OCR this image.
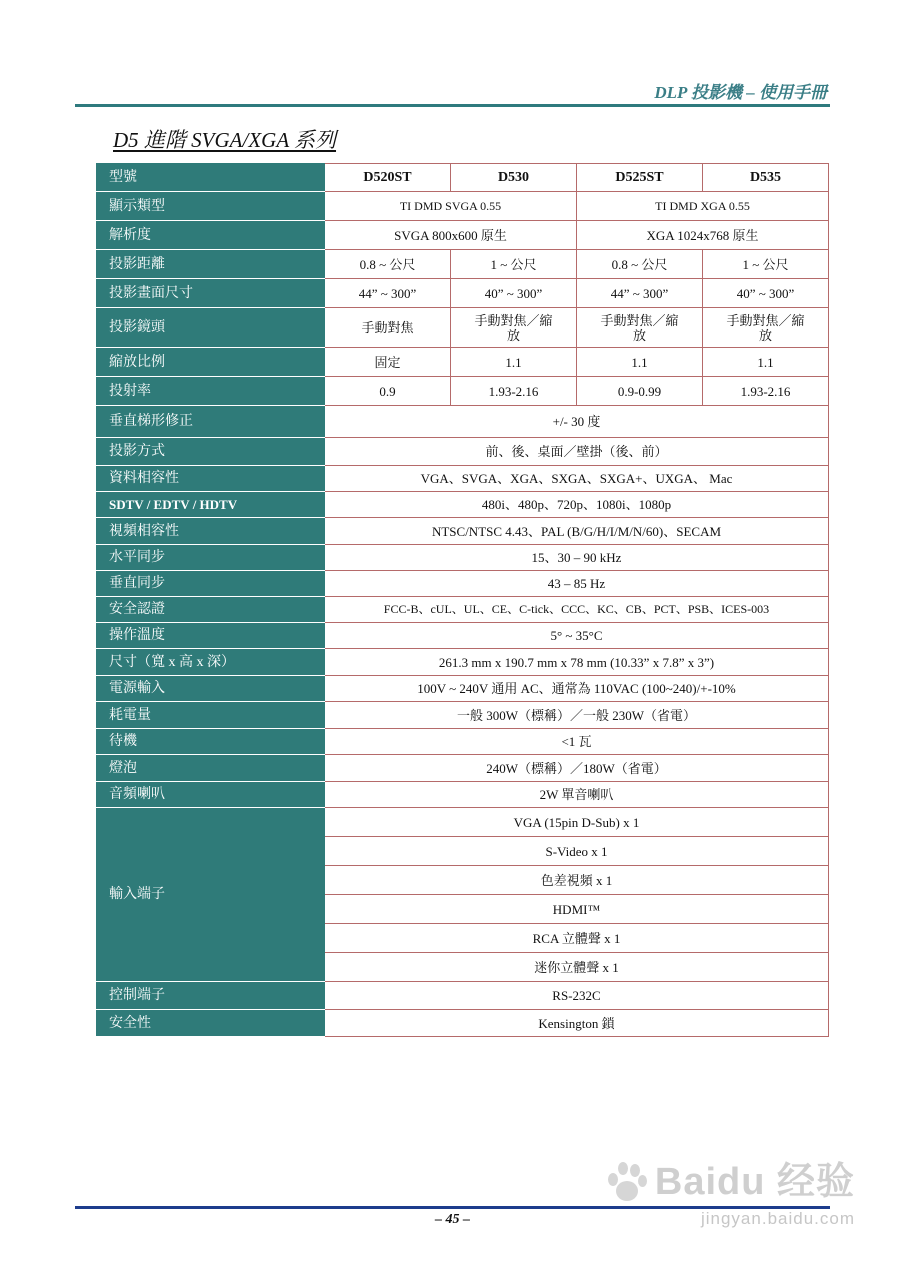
DLP 投影機 – 使用手冊
D5 進階 SVGA/XGA 系列
型號	D520ST	D530	D525ST	D535
顯示類型	TI DMD SVGA 0.55		TI DMD XGA 0.55	
解析度	SVGA 800x600 原生		XGA 1024x768 原生	
投影距離	0.8 ~ 公尺	1 ~ 公尺	0.8 ~ 公尺	1 ~ 公尺
投影畫面尺寸	44” ~ 300”	40” ~ 300”	44” ~ 300”	40” ~ 300”
投影鏡頭	手動對焦	手動對焦／縮放	手動對焦／縮放	手動對焦／縮放
縮放比例	固定	1.1	1.1	1.1
投射率	0.9	1.93-2.16	0.9-0.99	1.93-2.16
垂直梯形修正	+/- 30 度			
投影方式	前、後、桌面／壁掛（後、前）			
資料相容性	VGA、SVGA、XGA、SXGA、SXGA+、UXGA、 Mac			
SDTV / EDTV / HDTV	480i、480p、720p、1080i、1080p			
視頻相容性	NTSC/NTSC 4.43、PAL (B/G/H/I/M/N/60)、SECAM			
水平同步	15、30 – 90 kHz			
垂直同步	43 – 85 Hz			
安全認證	FCC-B、cUL、UL、CE、C-tick、CCC、KC、CB、PCT、PSB、ICES-003			
操作溫度	5° ~ 35°C			
尺寸（寬 x 高 x 深）	261.3 mm x 190.7 mm x 78 mm (10.33” x 7.8” x 3”)			
電源輸入	100V ~ 240V 通用 AC、通常為 110VAC (100~240)/+-10%			
耗電量	一般 300W（標稱）／一般 230W（省電）			
待機	<1 瓦			
燈泡	240W（標稱）／180W（省電）			
音頻喇叭	2W 單音喇叭			
輸入端子	VGA (15pin D-Sub) x 1			
	S-Video x 1			
	色差視頻 x 1			
	HDMI™			
	RCA 立體聲 x 1			
	迷你立體聲 x 1			
控制端子	RS-232C			
安全性	Kensington 鎖			
Baidu 经验
jingyan.baidu.com
– 45 –
